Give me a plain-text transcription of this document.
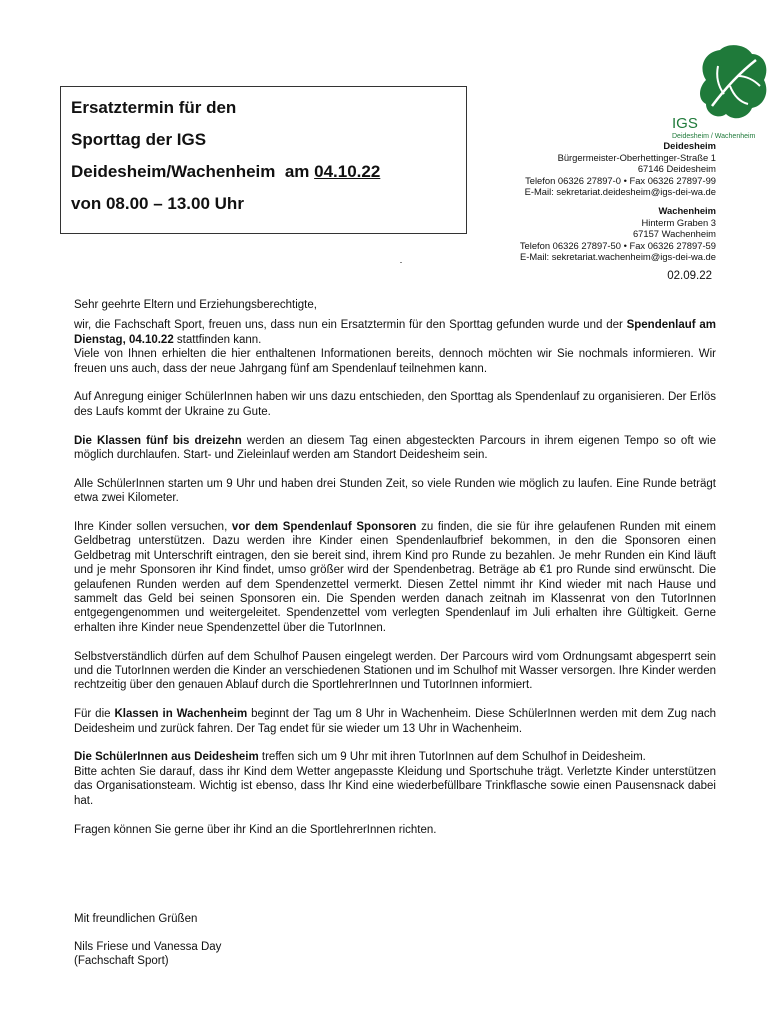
Ersatztermin für den
Sporttag der IGS
Deidesheim/Wachenheim  am 04.10.22
von 08.00 – 13.00 Uhr
IGS
Deidesheim / Wachenheim
Deidesheim
Bürgermeister-Oberhettinger-Straße 1
67146 Deidesheim
Telefon 06326 27897-0 • Fax 06326 27897-99
E-Mail: sekretariat.deidesheim@igs-dei-wa.de
Wachenheim
Hinterm Graben 3
67157 Wachenheim
Telefon 06326 27897-50 • Fax 06326 27897-59
E-Mail: sekretariat.wachenheim@igs-dei-wa.de
02.09.22

Sehr geehrte Eltern und Erziehungsberechtigte,

wir, die Fachschaft Sport, freuen uns, dass nun ein Ersatztermin für den Sporttag gefunden wurde und der Spendenlauf am Dienstag, 04.10.22 stattfinden kann.
Viele von Ihnen erhielten die hier enthaltenen Informationen bereits, dennoch möchten wir Sie nochmals informieren. Wir freuen uns auch, dass der neue Jahrgang fünf am Spendenlauf teilnehmen kann.

Auf Anregung einiger SchülerInnen haben wir uns dazu entschieden, den Sporttag als Spendenlauf zu organisieren. Der Erlös des Laufs kommt der Ukraine zu Gute.

Die Klassen fünf bis dreizehn werden an diesem Tag einen abgesteckten Parcours in ihrem eigenen Tempo so oft wie möglich durchlaufen. Start- und Zieleinlauf werden am Standort Deidesheim sein.

Alle SchülerInnen starten um 9 Uhr und haben drei Stunden Zeit, so viele Runden wie möglich zu laufen. Eine Runde beträgt etwa zwei Kilometer.

Ihre Kinder sollen versuchen, vor dem Spendenlauf Sponsoren zu finden, die sie für ihre gelaufenen Runden mit einem Geldbetrag unterstützen. Dazu werden ihre Kinder einen Spendenlaufbrief bekommen, in den die Sponsoren einen Geldbetrag mit Unterschrift eintragen, den sie bereit sind, ihrem Kind pro Runde zu bezahlen. Je mehr Runden ein Kind läuft und je mehr Sponsoren ihr Kind findet, umso größer wird der Spendenbetrag. Beträge ab €1 pro Runde sind erwünscht. Die gelaufenen Runden werden auf dem Spendenzettel vermerkt. Diesen Zettel nimmt ihr Kind wieder mit nach Hause und sammelt das Geld bei seinen Sponsoren ein. Die Spenden werden danach zeitnah im Klassenrat von den TutorInnen entgegengenommen und weitergeleitet. Spendenzettel vom verlegten Spendenlauf im Juli erhalten ihre Gültigkeit. Gerne erhalten ihre Kinder neue Spendenzettel über die TutorInnen.

Selbstverständlich dürfen auf dem Schulhof Pausen eingelegt werden. Der Parcours wird vom Ordnungsamt abgesperrt sein und die TutorInnen werden die Kinder an verschiedenen Stationen und im Schulhof mit Wasser versorgen. Ihre Kinder werden rechtzeitig über den genauen Ablauf durch die SportlehrerInnen und TutorInnen informiert.

Für die Klassen in Wachenheim beginnt der Tag um 8 Uhr in Wachenheim. Diese SchülerInnen werden mit dem Zug nach Deidesheim und zurück fahren. Der Tag endet für sie wieder um 13 Uhr in Wachenheim.

Die SchülerInnen aus Deidesheim treffen sich um 9 Uhr mit ihren TutorInnen auf dem Schulhof in Deidesheim.
Bitte achten Sie darauf, dass ihr Kind dem Wetter angepasste Kleidung und Sportschuhe trägt. Verletzte Kinder unterstützen das Organisationsteam. Wichtig ist ebenso, dass Ihr Kind eine wiederbefüllbare Trinkflasche sowie einen Pausensnack dabei hat.

Fragen können Sie gerne über ihr Kind an die SportlehrerInnen richten.

Mit freundlichen Grüßen
Nils Friese und Vanessa Day
(Fachschaft Sport)
